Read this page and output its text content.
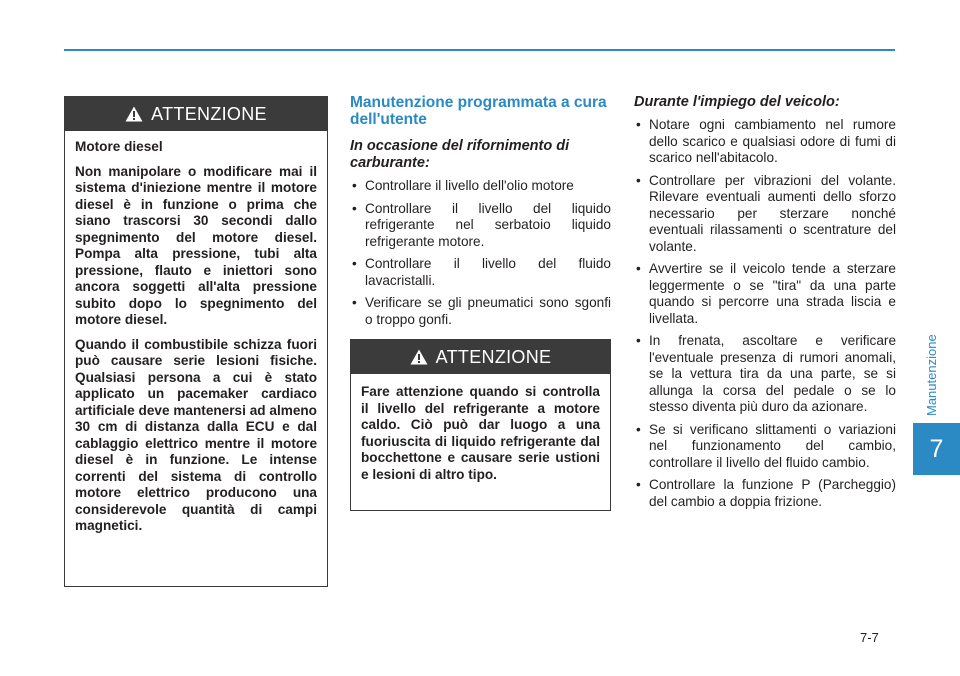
Manutenzione
7
7-7
ATTENZIONE

Motore diesel

Non manipolare o modificare mai il sistema d'iniezione mentre il motore diesel è in funzione o prima che siano trascorsi 30 secondi dallo spegnimento del motore diesel. Pompa alta pressione, tubi alta pressione, flauto e iniettori sono ancora soggetti all'alta pressione subito dopo lo spegnimento del motore diesel.

Quando il combustibile schizza fuori può causare serie lesioni fisiche. Qualsiasi persona a cui è stato applicato un pacemaker cardiaco artificiale deve mantenersi ad almeno 30 cm di distanza dalla ECU e dal cablaggio elettrico mentre il motore diesel è in funzione. Le intense correnti del sistema di controllo motore elettrico producono una considerevole quantità di campi magnetici.

Manutenzione programmata a cura dell'utente
In occasione del rifornimento di carburante:
• Controllare il livello dell'olio motore
• Controllare il livello del liquido refrigerante nel serbatoio liquido refrigerante motore.
• Controllare il livello del fluido lavacristalli.
• Verificare se gli pneumatici sono sgonfi o troppo gonfi.
ATTENZIONE

Fare attenzione quando si controlla il livello del refrigerante a motore caldo. Ciò può dar luogo a una fuoriuscita di liquido refrigerante dal bocchettone e causare serie ustioni e lesioni di altro tipo.

Durante l'impiego del veicolo:
• Notare ogni cambiamento nel rumore dello scarico e qualsiasi odore di fumi di scarico nell'abitacolo.
• Controllare per vibrazioni del volante. Rilevare eventuali aumenti dello sforzo necessario per sterzare nonché eventuali rilassamenti o scentrature del volante.
• Avvertire se il veicolo tende a sterzare leggermente o se "tira" da una parte quando si percorre una strada liscia e livellata.
• In frenata, ascoltare e verificare l'eventuale presenza di rumori anomali, se la vettura tira da una parte, se si allunga la corsa del pedale o se lo stesso diventa più duro da azionare.
• Se si verificano slittamenti o variazioni nel funzionamento del cambio, controllare il livello del fluido cambio.
• Controllare la funzione P (Parcheggio) del cambio a doppia frizione.
